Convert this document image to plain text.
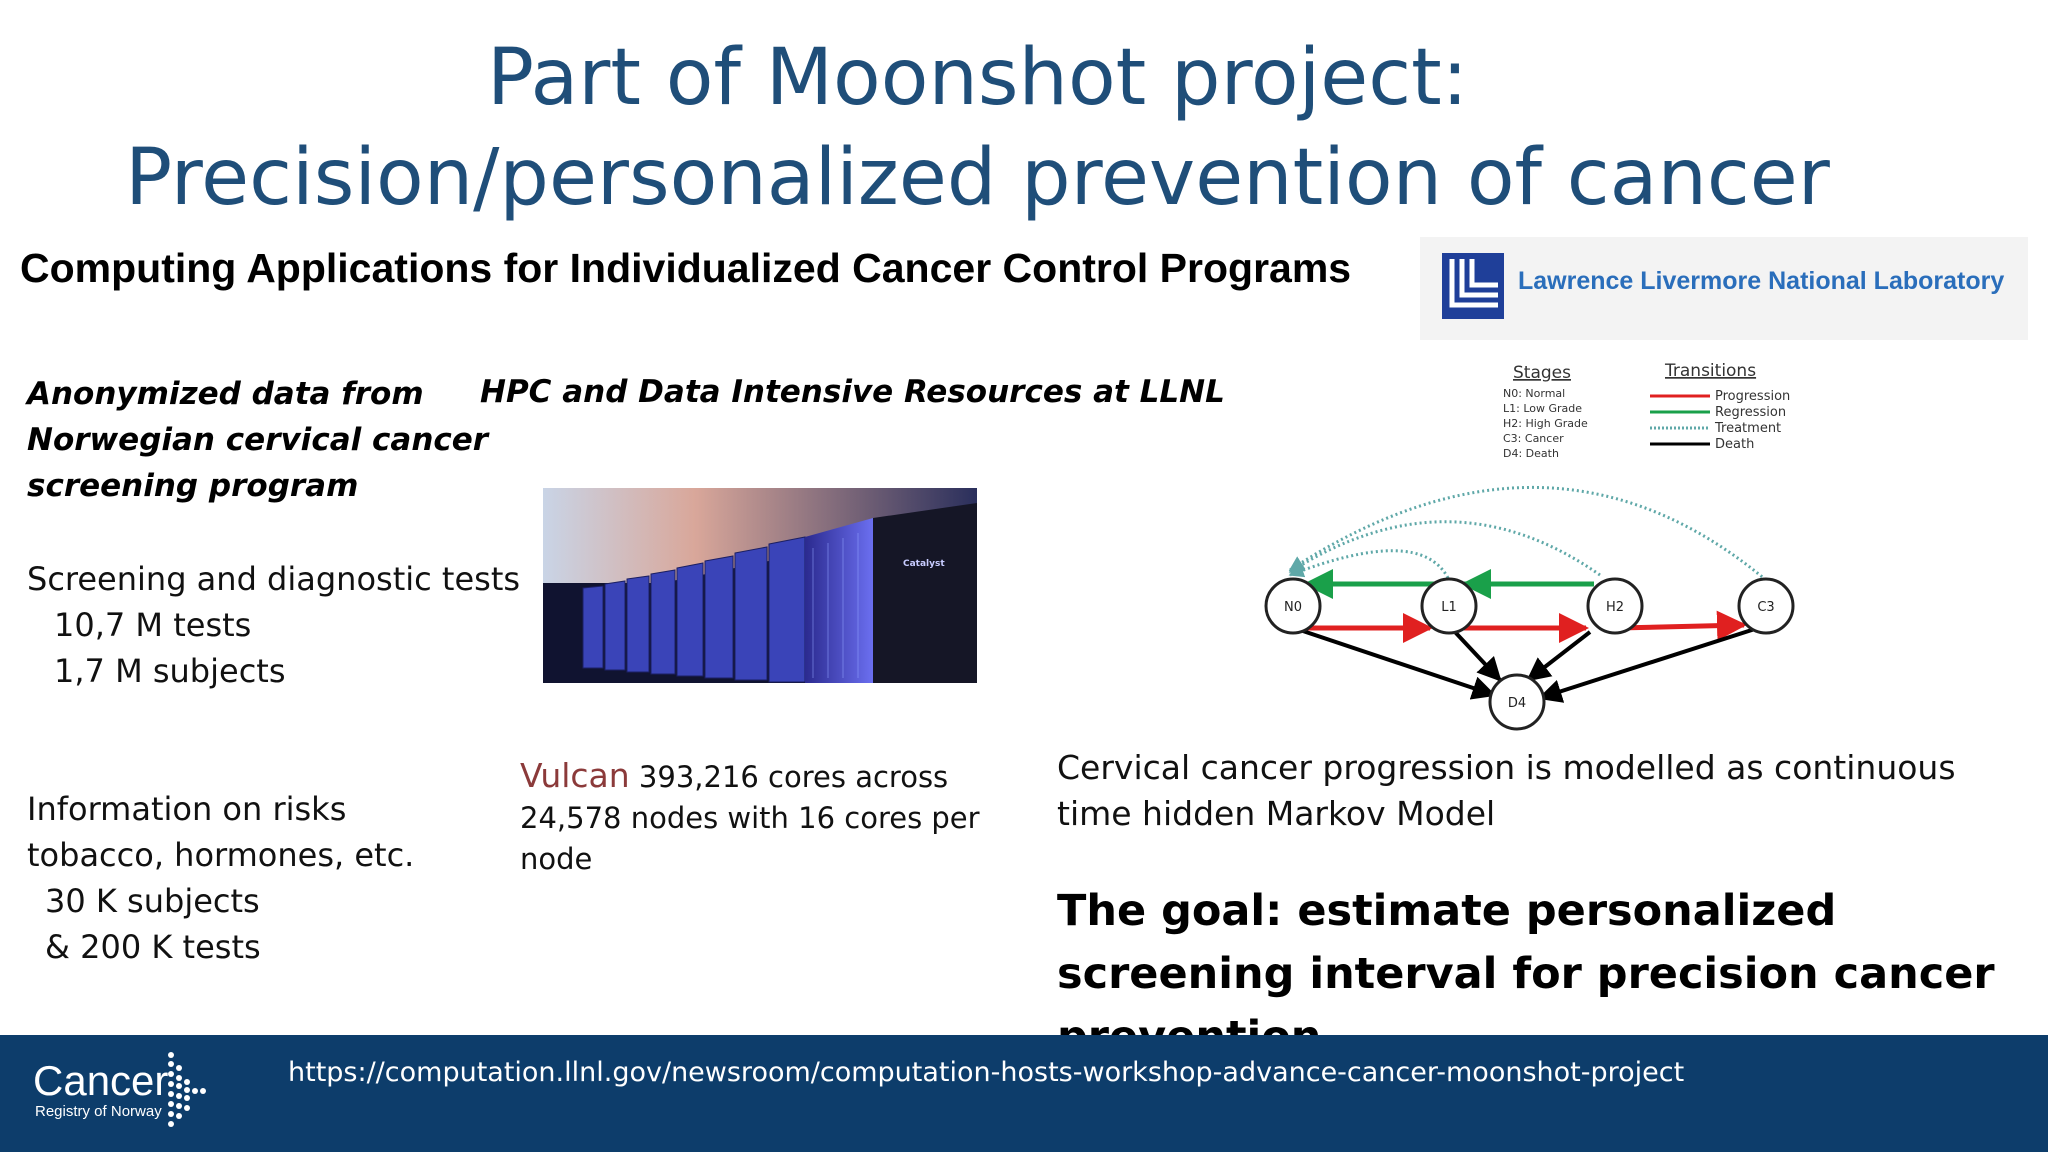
Part of Moonshot project:
Precision/personalized prevention of cancer
Computing Applications for Individualized Cancer Control Programs	Lawrence Livermore National Laboratory
Anonymized data from
Norwegian cervical cancer
screening program
Screening and diagnostic tests
10,7 M tests
1,7 M subjects
Information on risks
tobacco, hormones, etc.
30 K subjects
& 200 K tests
HPC and Data Intensive Resources at LLNL
Catalyst
Vulcan 393,216 cores across
24,578 nodes with 16 cores per
node
Stages
N0: Normal
L1: Low Grade
H2: High Grade
C3: Cancer
D4: Death
Transitions
Progression
Regression
Treatment
Death
N0	L1	H2	C3
D4
Cervical cancer progression is modelled as continuous time hidden Markov Model
The goal: estimate personalized screening interval for precision cancer
Cancer
Registry of Norway
https://computation.llnl.gov/newsroom/computation-hosts-workshop-advance-cancer-moonshot-project
